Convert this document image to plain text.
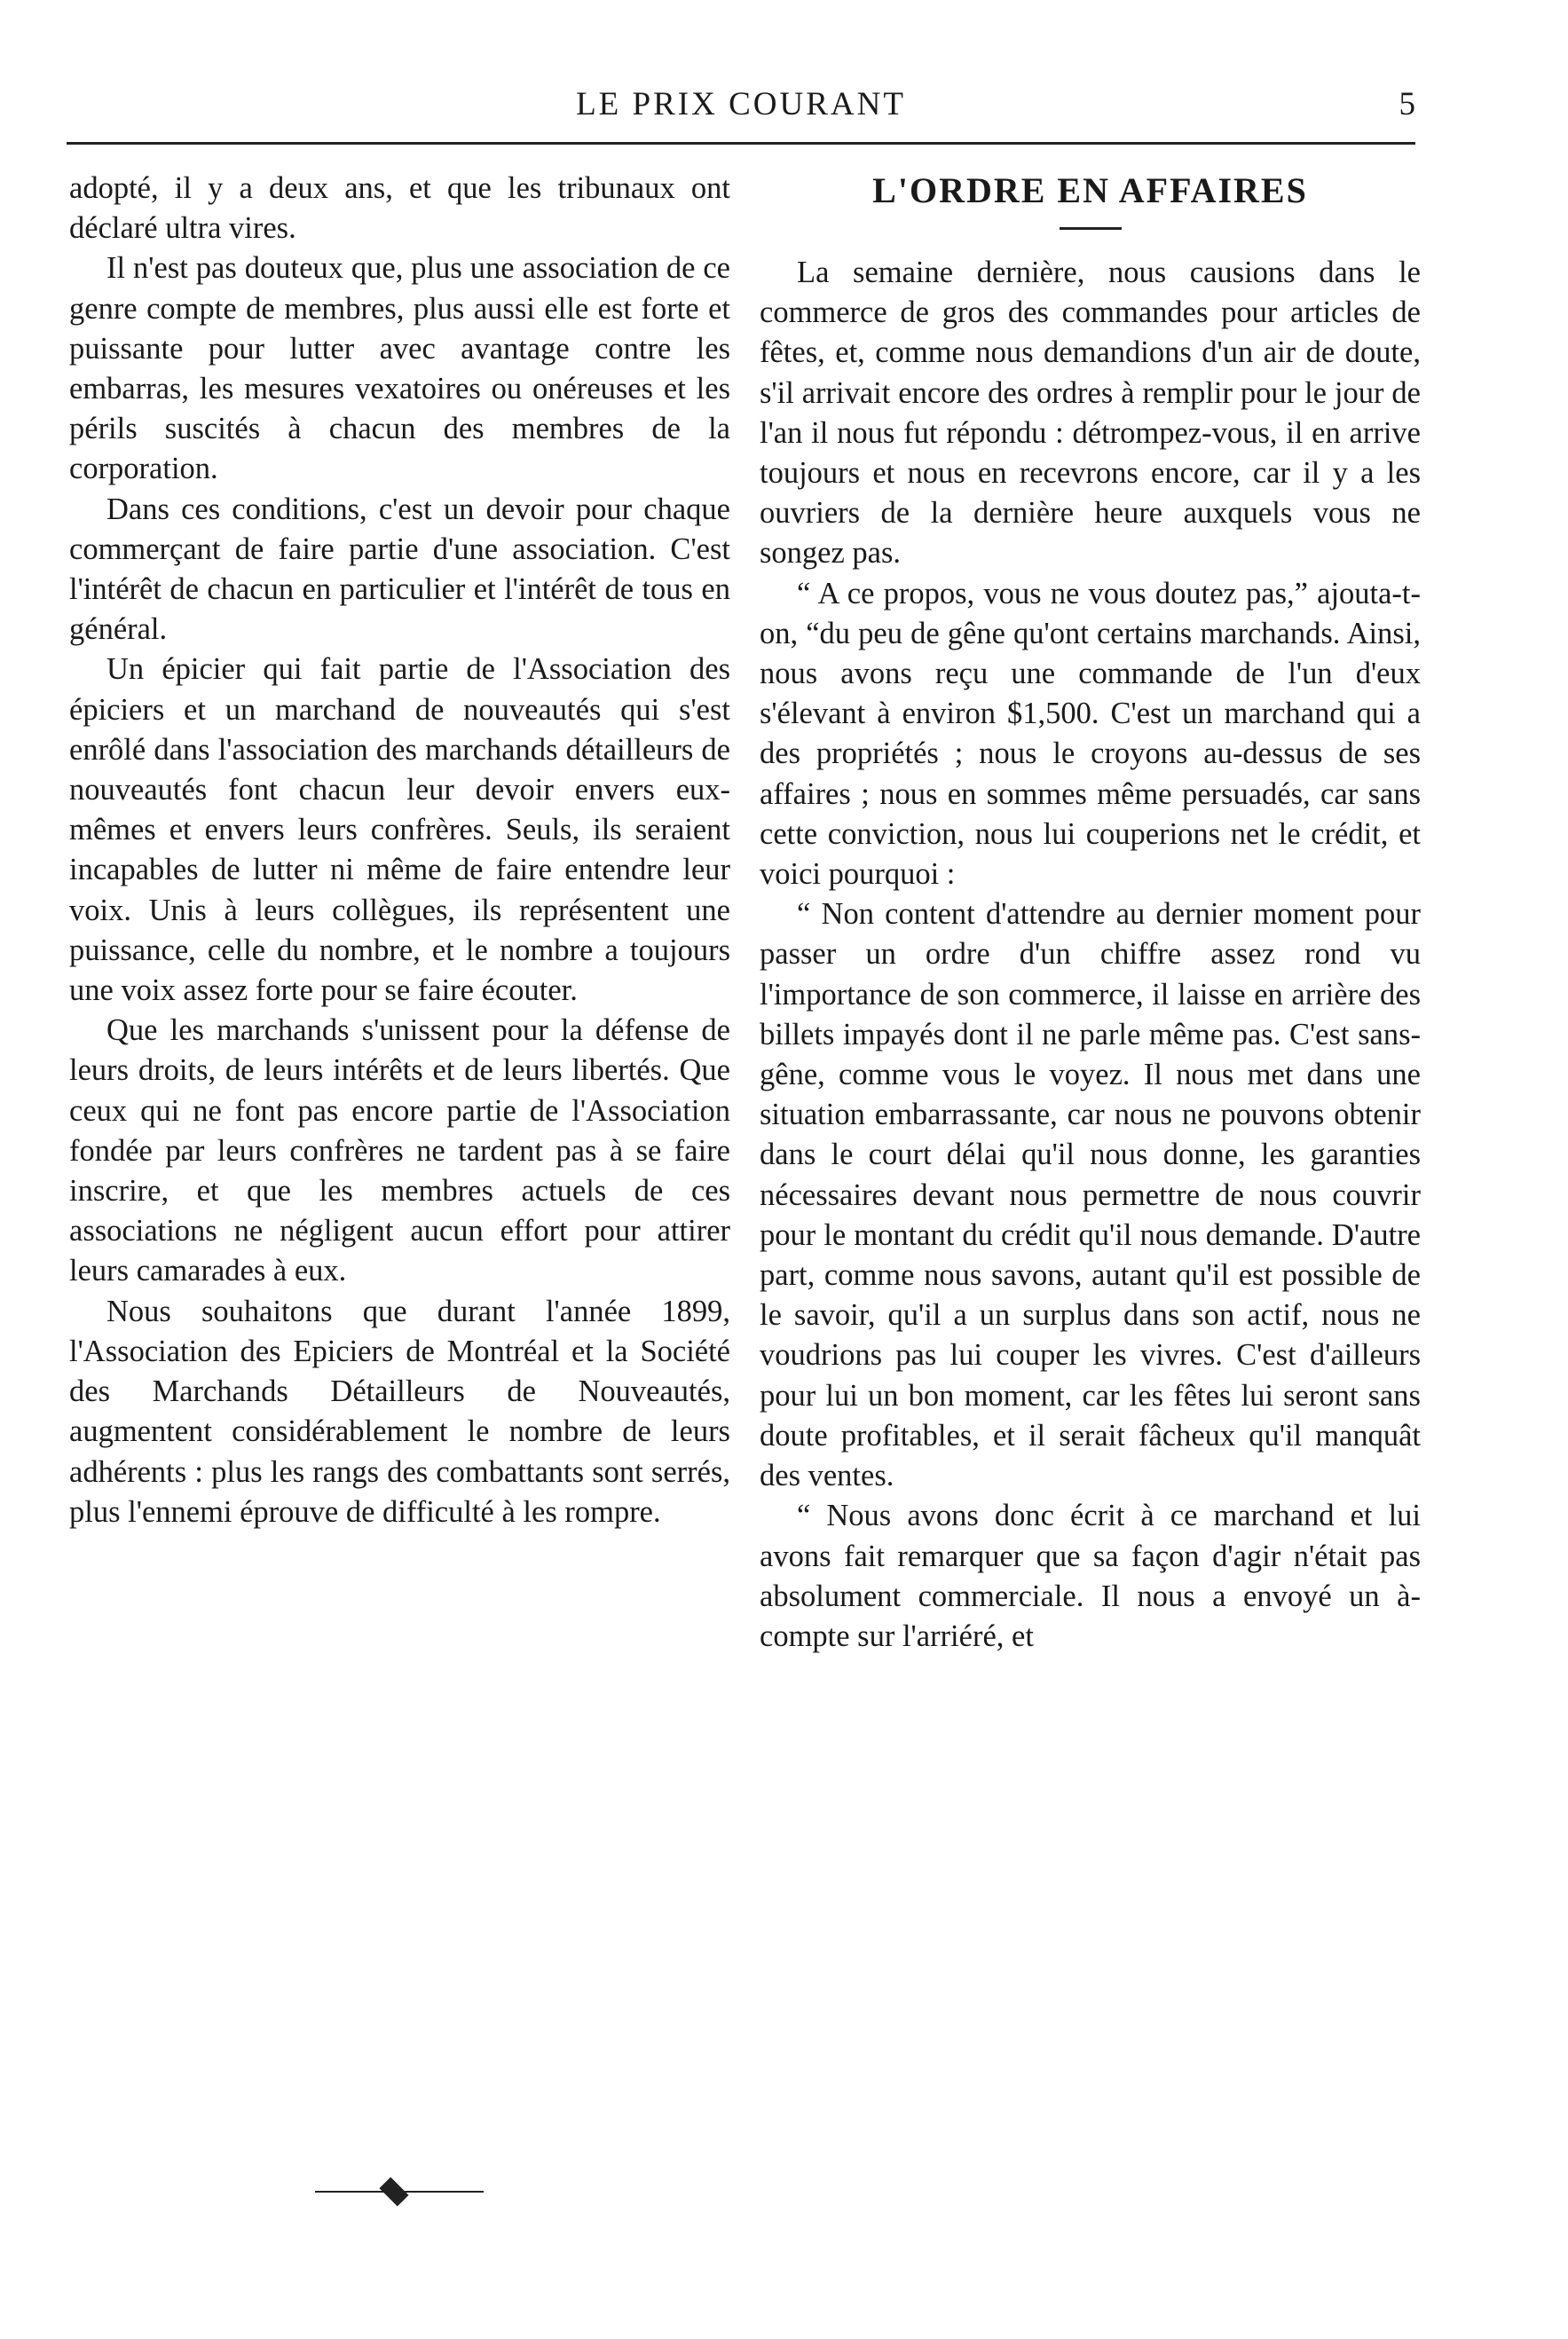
LE PRIX COURANT	5

adopté, il y a deux ans, et que les tribunaux ont déclaré ultra vires.

Il n'est pas douteux que, plus une association de ce genre compte de membres, plus aussi elle est forte et puissante pour lutter avec avantage contre les embarras, les mesures vexatoires ou onéreuses et les périls suscités à chacun des membres de la corporation.

Dans ces conditions, c'est un devoir pour chaque commerçant de faire partie d'une association. C'est l'intérêt de chacun en particulier et l'intérêt de tous en général.

Un épicier qui fait partie de l'Association des épiciers et un marchand de nouveautés qui s'est enrôlé dans l'association des marchands détailleurs de nouveautés font chacun leur devoir envers eux-mêmes et envers leurs confrères. Seuls, ils seraient incapables de lutter ni même de faire entendre leur voix. Unis à leurs collègues, ils représentent une puissance, celle du nombre, et le nombre a toujours une voix assez forte pour se faire écouter.

Que les marchands s'unissent pour la défense de leurs droits, de leurs intérêts et de leurs libertés. Que ceux qui ne font pas encore partie de l'Association fondée par leurs confrères ne tardent pas à se faire inscrire, et que les membres actuels de ces associations ne négligent aucun effort pour attirer leurs camarades à eux.

Nous souhaitons que durant l'année 1899, l'Association des Epiciers de Montréal et la Société des Marchands Détailleurs de Nouveautés, augmentent considérablement le nombre de leurs adhérents : plus les rangs des combattants sont serrés, plus l'ennemi éprouve de difficulté à les rompre.

L'ORDRE EN AFFAIRES

La semaine dernière, nous causions dans le commerce de gros des commandes pour articles de fêtes, et, comme nous demandions d'un air de doute, s'il arrivait encore des ordres à remplir pour le jour de l'an il nous fut répondu : détrompez-vous, il en arrive toujours et nous en recevrons encore, car il y a les ouvriers de la dernière heure auxquels vous ne songez pas.

“ A ce propos, vous ne vous doutez pas,” ajouta-t-on, “du peu de gêne qu'ont certains marchands. Ainsi, nous avons reçu une commande de l'un d'eux s'élevant à environ $1,500. C'est un marchand qui a des propriétés ; nous le croyons au-dessus de ses affaires ; nous en sommes même persuadés, car sans cette conviction, nous lui couperions net le crédit, et voici pourquoi :

“ Non content d'attendre au dernier moment pour passer un ordre d'un chiffre assez rond vu l'importance de son commerce, il laisse en arrière des billets impayés dont il ne parle même pas. C'est sans-gêne, comme vous le voyez. Il nous met dans une situation embarrassante, car nous ne pouvons obtenir dans le court délai qu'il nous donne, les garanties nécessaires devant nous permettre de nous couvrir pour le montant du crédit qu'il nous demande. D'autre part, comme nous savons, autant qu'il est possible de le savoir, qu'il a un surplus dans son actif, nous ne voudrions pas lui couper les vivres. C'est d'ailleurs pour lui un bon moment, car les fêtes lui seront sans doute profitables, et il serait fâcheux qu'il manquât des ventes.

“ Nous avons donc écrit à ce marchand et lui avons fait remarquer que sa façon d'agir n'était pas absolument commerciale. Il nous a envoyé un à-compte sur l'arriéré, et
